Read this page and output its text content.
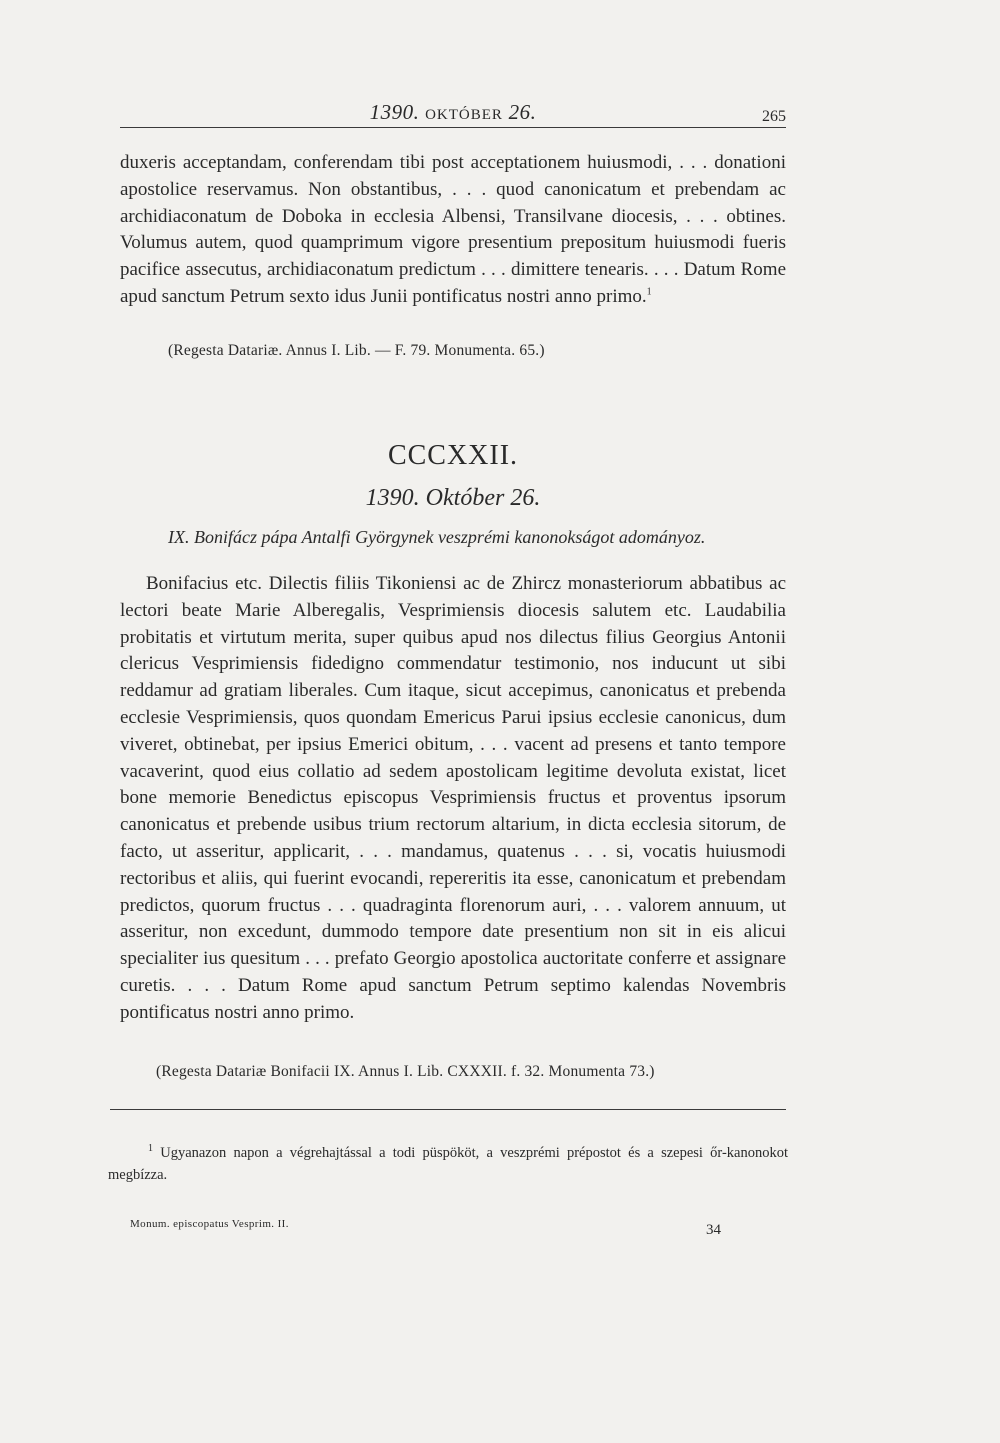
1390. OKTÓBER 26.	265

duxeris acceptandam, conferendam tibi post acceptationem huiusmodi, . . . donationi apostolice reservamus. Non obstantibus, . . . quod canonicatum et prebendam ac archidiaconatum de Doboka in ecclesia Albensi, Transilvane diocesis, . . . obtines. Volumus autem, quod quamprimum vigore presentium prepositum huiusmodi fueris pacifice assecutus, archidiaconatum predictum . . . dimittere tenearis. . . . Datum Rome apud sanctum Petrum sexto idus Junii pontificatus nostri anno primo.$^1$

(Regesta Datariæ. Annus I. Lib. — F. 79. Monumenta. 65.)
CCCXXII.
1390. Október 26.
IX. Bonifácz pápa Antalfi Györgynek veszprémi kanonokságot adományoz.

Bonifacius etc. Dilectis filiis Tikoniensi ac de Zhircz monasteriorum abbatibus ac lectori beate Marie Alberegalis, Vesprimiensis diocesis salutem etc. Laudabilia probitatis et virtutum merita, super quibus apud nos dilectus filius Georgius Antonii clericus Vesprimiensis fidedigno commendatur testimonio, nos inducunt ut sibi reddamur ad gratiam liberales. Cum itaque, sicut accepimus, canonicatus et prebenda ecclesie Vesprimiensis, quos quondam Emericus Parui ipsius ecclesie canonicus, dum viveret, obtinebat, per ipsius Emerici obitum, . . . vacent ad presens et tanto tempore vacaverint, quod eius collatio ad sedem apostolicam legitime devoluta existat, licet bone memorie Benedictus episcopus Vesprimiensis fructus et proventus ipsorum canonicatus et prebende usibus trium rectorum altarium, in dicta ecclesia sitorum, de facto, ut asseritur, applicarit, . . . mandamus, quatenus . . . si, vocatis huiusmodi rectoribus et aliis, qui fuerint evocandi, repereritis ita esse, canonicatum et prebendam predictos, quorum fructus . . . quadraginta florenorum auri, . . . valorem annuum, ut asseritur, non excedunt, dummodo tempore date presentium non sit in eis alicui specialiter ius quesitum . . . prefato Georgio apostolica auctoritate conferre et assignare curetis. . . . Datum Rome apud sanctum Petrum septimo kalendas Novembris pontificatus nostri anno primo.

(Regesta Datariæ Bonifacii IX. Annus I. Lib. CXXXII. f. 32. Monumenta 73.)
$^1$ Ugyanazon napon a végrehajtással a todi püspököt, a veszprémi prépostot és a szepesi őr-kanonokot megbízza.
Monum. episcopatus Vesprim. II.	34
